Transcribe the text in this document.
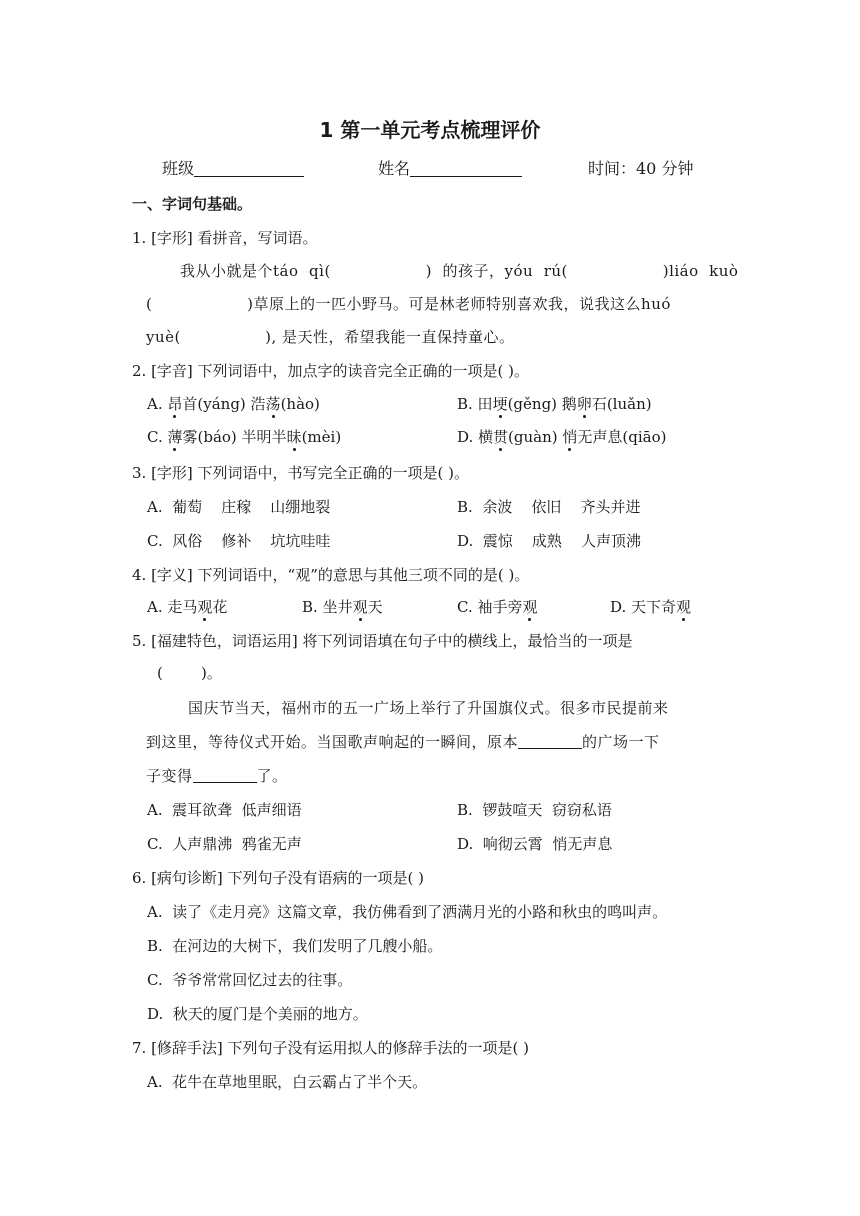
1 第一单元考点梳理评价
班级	姓名	时间：40 分钟
一、字词句基础。
1. [字形] 看拼音，写词语。
我从小就是个táo  qì(                  )  的孩子，yóu  rú(                  )liáo  kuò
(                  )草原上的一匹小野马。可是林老师特别喜欢我，说我这么huó
yuè(                ), 是天性，希望我能一直保持童心。
2. [字音] 下列词语中，加点字的读音完全正确的一项是( )。
A. 昂首(yáng) 浩荡(hào)	B. 田埂(gěng) 鹅卵石(luǎn)
C. 薄雾(báo) 半明半昧(mèi)	D. 横贯(guàn) 悄无声息(qiāo)
3. [字形] 下列词语中，书写完全正确的一项是( )。
A.  葡萄    庄稼    山绷地裂	B.  余波    依旧    齐头并进
C.  风俗    修补    坑坑哇哇	D.  震惊    成熟    人声顶沸
4. [字义] 下列词语中，“观”的意思与其他三项不同的是( )。
A. 走马观花	B. 坐井观天	C. 袖手旁观	D. 天下奇观
5. [福建特色，词语运用] 将下列词语填在句子中的横线上，最恰当的一项是
(        )。
国庆节当天，福州市的五一广场上举行了升国旗仪式。很多市民提前来
到这里，等待仪式开始。当国歌声响起的一瞬间，原本	的广场一下
子变得	了。
A.  震耳欲聋  低声细语	B.  锣鼓喧天  窃窃私语
C.  人声鼎沸  鸦雀无声	D.  响彻云霄  悄无声息
6. [病句诊断] 下列句子没有语病的一项是( )
A.  读了《走月亮》这篇文章，我仿佛看到了洒满月光的小路和秋虫的鸣叫声。
B.  在河边的大树下，我们发明了几艘小船。
C.  爷爷常常回忆过去的往事。
D.  秋天的厦门是个美丽的地方。
7. [修辞手法] 下列句子没有运用拟人的修辞手法的一项是( )
A.  花牛在草地里眠，白云霸占了半个天。
